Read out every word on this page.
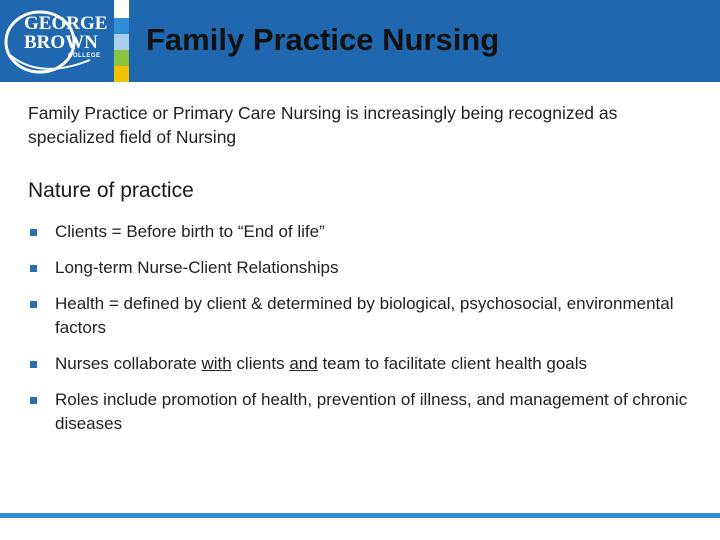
GEORGE
BROWN
COLLEGE Family Practice Nursing

Family Practice or Primary Care Nursing is increasingly being recognized as specialized field of Nursing

Nature of practice
Clients = Before birth to “End of life”
Long-term Nurse-Client Relationships
Health = defined by client & determined by biological, psychosocial, environmental factors
Nurses collaborate with clients and team to facilitate client health goals
Roles include promotion of health, prevention of illness, and management of chronic diseases
